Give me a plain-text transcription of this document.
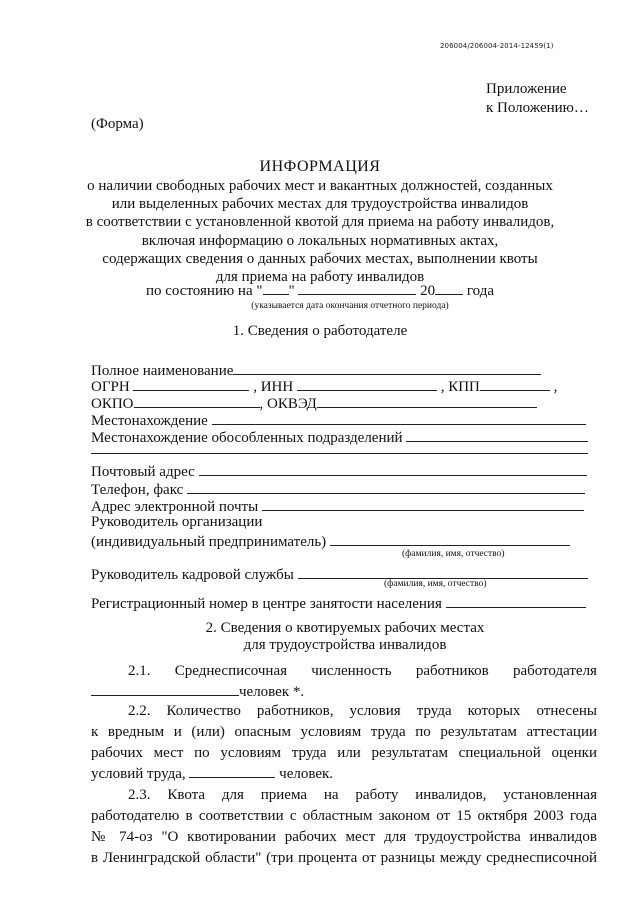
206004/206004-2014-12459(1)
Приложение
к Положению…
(Форма)
ИНФОРМАЦИЯ
о наличии свободных рабочих мест и вакантных должностей, созданных
или выделенных рабочих местах для трудоустройства инвалидов
в соответствии с установленной квотой для приема на работу инвалидов,
включая информацию о локальных нормативных актах,
содержащих сведения о данных рабочих местах, выполнении квоты
для приема на работу инвалидов
по состоянию на " "	20 года
(указывается дата окончания отчетного периода)
1. Сведения о работодателе
Полное наименование
ОГРН	, ИНН	, КПП	,
ОКПО	, ОКВЭД
Местонахождение
Местонахождение обособленных подразделений
Почтовый адрес
Телефон, факс
Адрес электронной почты
Руководитель организации
(индивидуальный предприниматель)
(фамилия, имя, отчество)
Руководитель кадровой службы
(фамилия, имя, отчество)
Регистрационный номер в центре занятости населения
2. Сведения о квотируемых рабочих местах
для трудоустройства инвалидов
2.1. Среднесписочная численность работников работодателя
человек *.
2.2. Количество работников, условия труда которых отнесены
к вредным и (или) опасным условиям труда по результатам аттестации
рабочих мест по условиям труда или результатам специальной оценки
условий труда,	человек.
2.3. Квота для приема на работу инвалидов, установленная
работодателю в соответствии с областным законом от 15 октября 2003 года
№ 74-оз "О квотировании рабочих мест для трудоустройства инвалидов
в Ленинградской области" (три процента от разницы между среднесписочной
